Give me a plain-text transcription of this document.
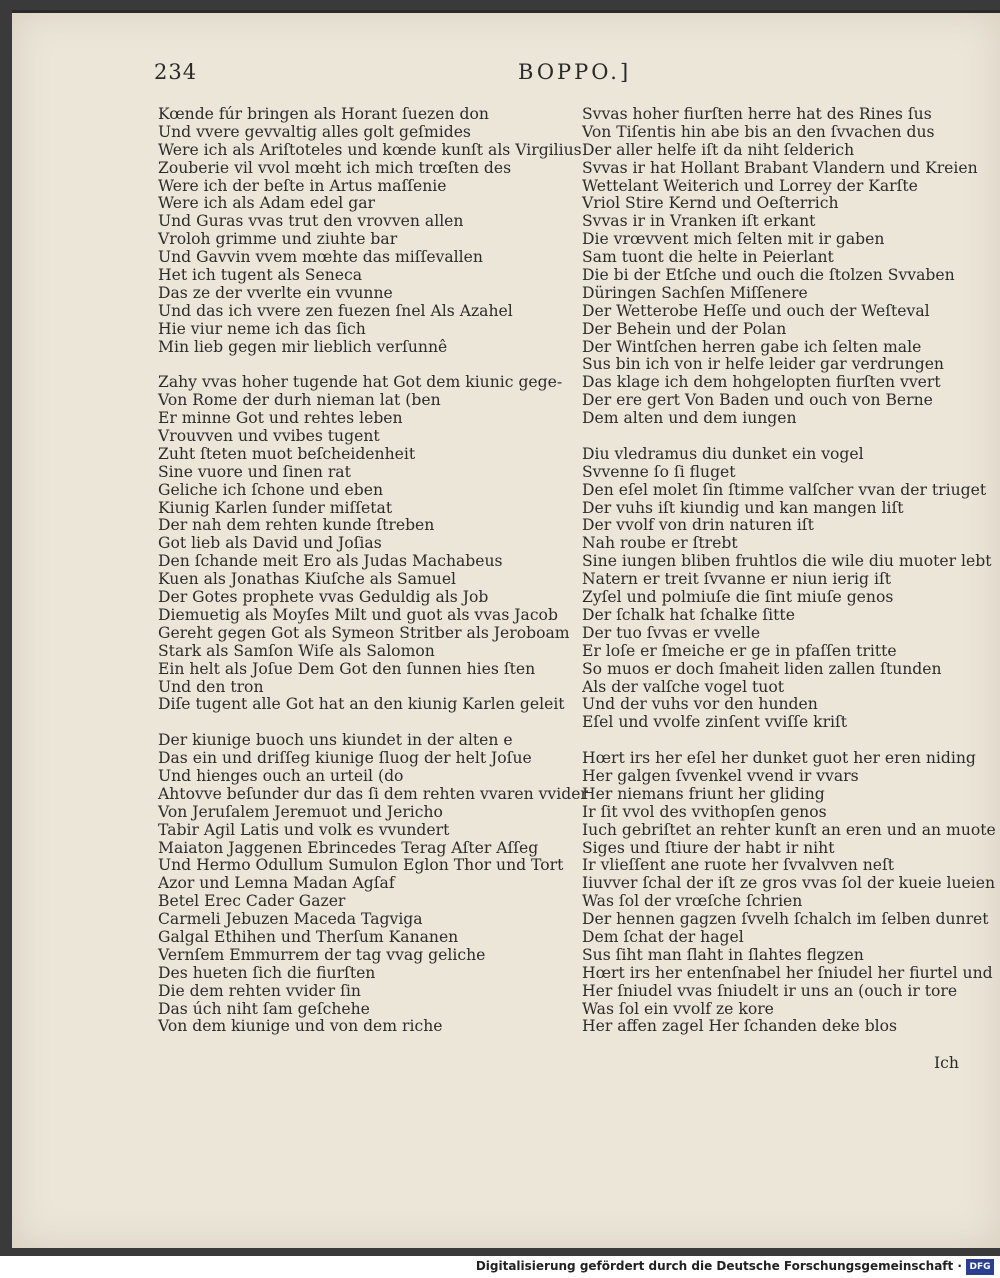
234	BOPPO.]
Kœnde fúr bringen als Horant ſuezen don
Und vvere gevvaltig alles golt geſmides
Were ich als Ariſtoteles und kœnde kunſt als Virgilius
Zouberie vil vvol mœht ich mich trœſten des
Were ich der beſte in Artus maſſenie
Were ich als Adam edel gar
Und Guras vvas trut den vrovven allen
Vroloh grimme und ziuhte bar
Und Gavvin vvem mœhte das miſſevallen
Het ich tugent als Seneca
Das ze der vverlte ein vvunne
Und das ich vvere zen fuezen ſnel Als Azahel
Hie viur neme ich das ſich
Min lieb gegen mir lieblich verſunnê
Zahy vvas hoher tugende hat Got dem kiunic gege-
Von Rome der durh nieman lat (ben
Er minne Got und rehtes leben
Vrouvven und vvibes tugent
Zuht ſteten muot beſcheidenheit
Sine vuore und ſinen rat
Geliche ich ſchone und eben
Kiunig Karlen ſunder miſſetat
Der nah dem rehten kunde ſtreben
Got lieb als David und Joſias
Den ſchande meit Ero als Judas Machabeus
Kuen als Jonathas Kiuſche als Samuel
Der Gotes prophete vvas Geduldig als Job
Diemuetig als Moyſes Milt und guot als vvas Jacob
Gereht gegen Got als Symeon Stritber als Jeroboam
Stark als Samſon Wiſe als Salomon
Ein helt als Joſue Dem Got den ſunnen hies ſten
Und den tron
Diſe tugent alle Got hat an den kiunig Karlen geleit
Der kiunige buoch uns kiundet in der alten e
Das ein und driſſeg kiunige ſluog der helt Joſue
Und hienges ouch an urteil (do
Ahtovve beſunder dur das ſi dem rehten vvaren vvider
Von Jeruſalem Jeremuot und Jericho
Tabir Agil Latis und volk es vvundert
Maiaton Jaggenen Ebrincedes Terag Aſter Aſſeg
Und Hermo Odullum Sumulon Eglon Thor und Tort
Azor und Lemna Madan Agſaf
Betel Erec Cader Gazer
Carmeli Jebuzen Maceda Tagviga
Galgal Ethihen und Therſum Kananen
Vernſem Emmurrem der tag vvag geliche
Des hueten ſich die fiurſten
Die dem rehten vvider ſin
Das úch niht ſam geſchehe
Von dem kiunige und von dem riche
Svvas hoher fiurſten herre hat des Rines ſus
Von Tiſentis hin abe bis an den ſvvachen dus
Der aller helfe iſt da niht ſelderich
Svvas ir hat Hollant Brabant Vlandern und Kreien
Wettelant Weiterich und Lorrey der Karſte
Vriol Stire Kernd und Oeſterrich
Svvas ir in Vranken iſt erkant
Die vrœvvent mich ſelten mit ir gaben
Sam tuont die helte in Peierlant
Die bi der Etſche und ouch die ſtolzen Svvaben
Düringen Sachſen Miſſenere
Der Wetterobe Heſſe und ouch der Weſteval
Der Behein und der Polan
Der Wintſchen herren gabe ich ſelten male
Sus bin ich von ir helfe leider gar verdrungen
Das klage ich dem hohgelopten fiurſten vvert
Der ere gert Von Baden und ouch von Berne
Dem alten und dem iungen
Diu vledramus diu dunket ein vogel
Svvenne ſo ſi fluget
Den eſel molet ſin ſtimme valſcher vvan der triuget
Der vuhs iſt kiundig und kan mangen liſt
Der vvolf von drin naturen iſt
Nah roube er ſtrebt
Sine iungen bliben fruhtlos die wile diu muoter lebt
Natern er treit ſvvanne er niun ierig iſt
Zyſel und polmiuſe die ſint miuſe genos
Der ſchalk hat ſchalke ſitte
Der tuo ſvvas er vvelle
Er loſe er ſmeiche er ge in pfaſſen tritte
So muos er doch ſmaheit liden zallen ſtunden
Als der valſche vogel tuot
Und der vuhs vor den hunden
Eſel und vvolfe zinſent vviſſe kriſt
Hœrt irs her eſel her dunket guot her eren niding
Her galgen ſvvenkel vvend ir vvars
Her niemans friunt her gliding
Ir ſit vvol des vvithopſen genos
Iuch gebriſtet an rehter kunſt an eren und an muote
Siges und ſtiure der habt ir niht
Ir vlieſſent ane ruote her ſvvalvven neſt
Iiuvver ſchal der iſt ze gros vvas ſol der kueie lueien
Was ſol der vrœſche ſchrien
Der hennen gagzen ſvvelh ſchalch im ſelben dunret
Dem ſchat der hagel
Sus ſiht man ſlaht in ſlahtes flegzen
Hœrt irs her entenſnabel her ſniudel her fiurtel und
Her ſniudel vvas ſniudelt ir uns an (ouch ir tore
Was ſol ein vvolf ze kore
Her affen zagel Her ſchanden deke blos
Ich
Digitalisierung gefördert durch die Deutsche Forschungsgemeinschaft · DFG
